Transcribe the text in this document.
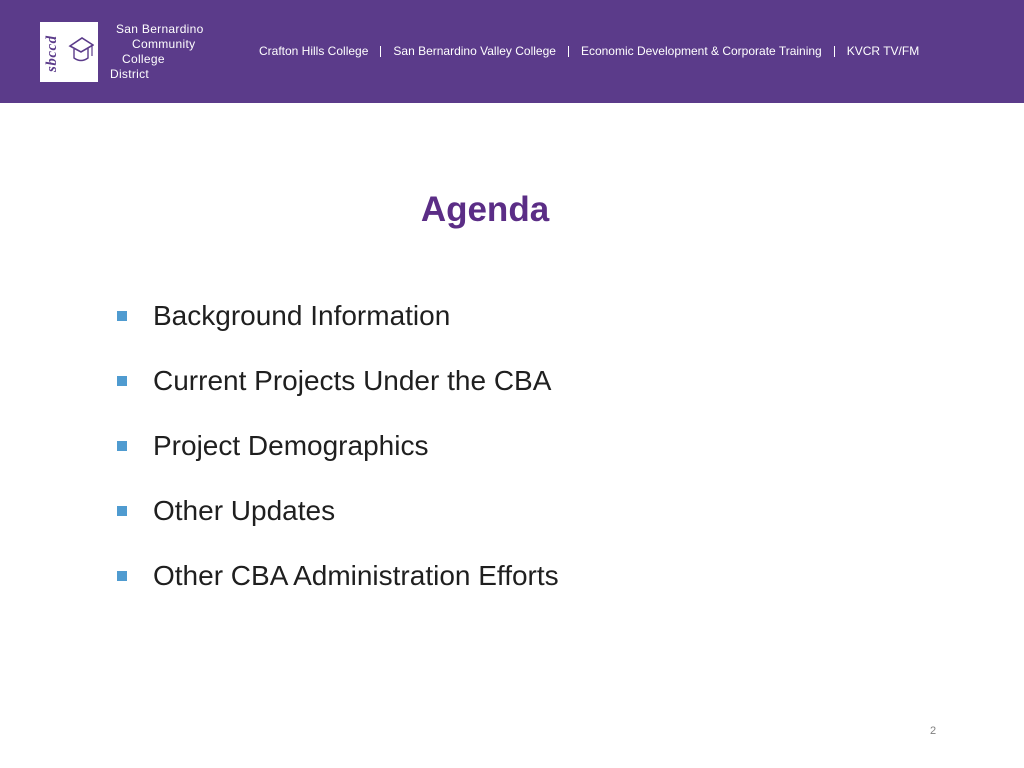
sbccd
San Bernardino
Community
College
District
Crafton Hills College San Bernardino Valley College Economic Development & Corporate Training KVCR TV/FM
Agenda
Background Information
Current Projects Under the CBA
Project Demographics
Other Updates
Other CBA Administration Efforts
2
